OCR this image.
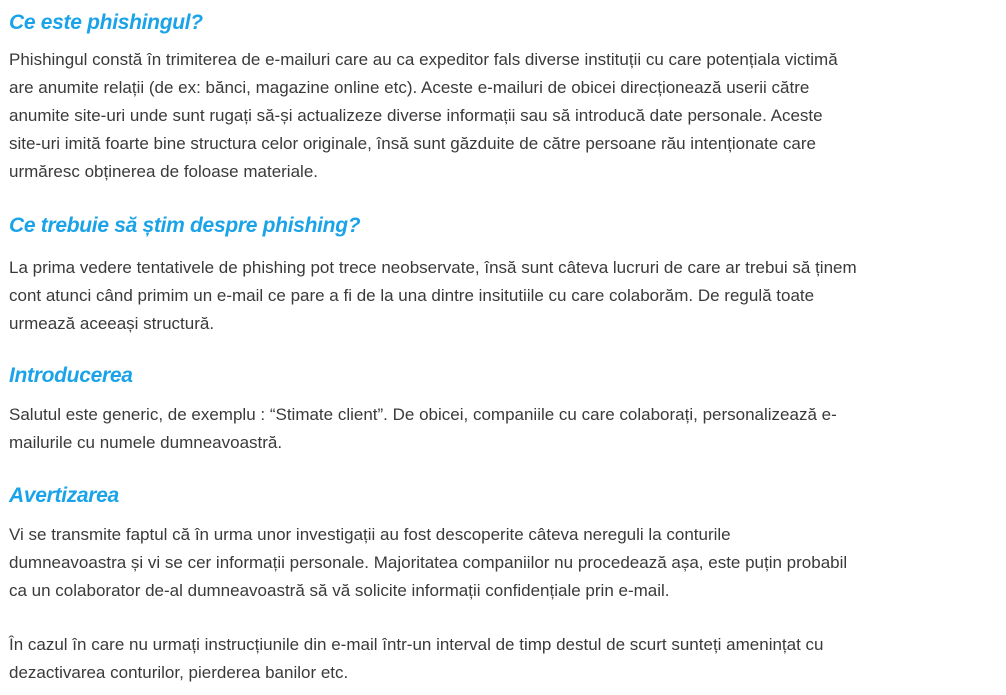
Ce este phishingul?

Phishingul constă în trimiterea de e-mailuri care au ca expeditor fals diverse instituții cu care potențiala victimă
are anumite relații (de ex: bănci, magazine online etc). Aceste e-mailuri de obicei direcționează userii către
anumite site-uri unde sunt rugați să-și actualizeze diverse informații sau să introducă date personale. Aceste
site-uri imită foarte bine structura celor originale, însă sunt găzduite de către persoane rău intenționate care
urmăresc obținerea de foloase materiale.

Ce trebuie să știm despre phishing?

La prima vedere tentativele de phishing pot trece neobservate, însă sunt câteva lucruri de care ar trebui să ținem
cont atunci când primim un e-mail ce pare a fi de la una dintre insitutiile cu care colaborăm. De regulă toate
urmează aceeași structură.

Introducerea

Salutul este generic, de exemplu : “Stimate client”. De obicei, companiile cu care colaborați, personalizează e-
mailurile cu numele dumneavoastră.

Avertizarea

Vi se transmite faptul că în urma unor investigații au fost descoperite câteva nereguli la conturile
dumneavoastra și vi se cer informații personale. Majoritatea companiilor nu procedează așa, este puțin probabil
ca un colaborator de-al dumneavoastră să vă solicite informații confidențiale prin e-mail.

În cazul în care nu urmați instrucțiunile din e-mail într-un interval de timp destul de scurt sunteți amenințat cu
dezactivarea conturilor, pierderea banilor etc.
